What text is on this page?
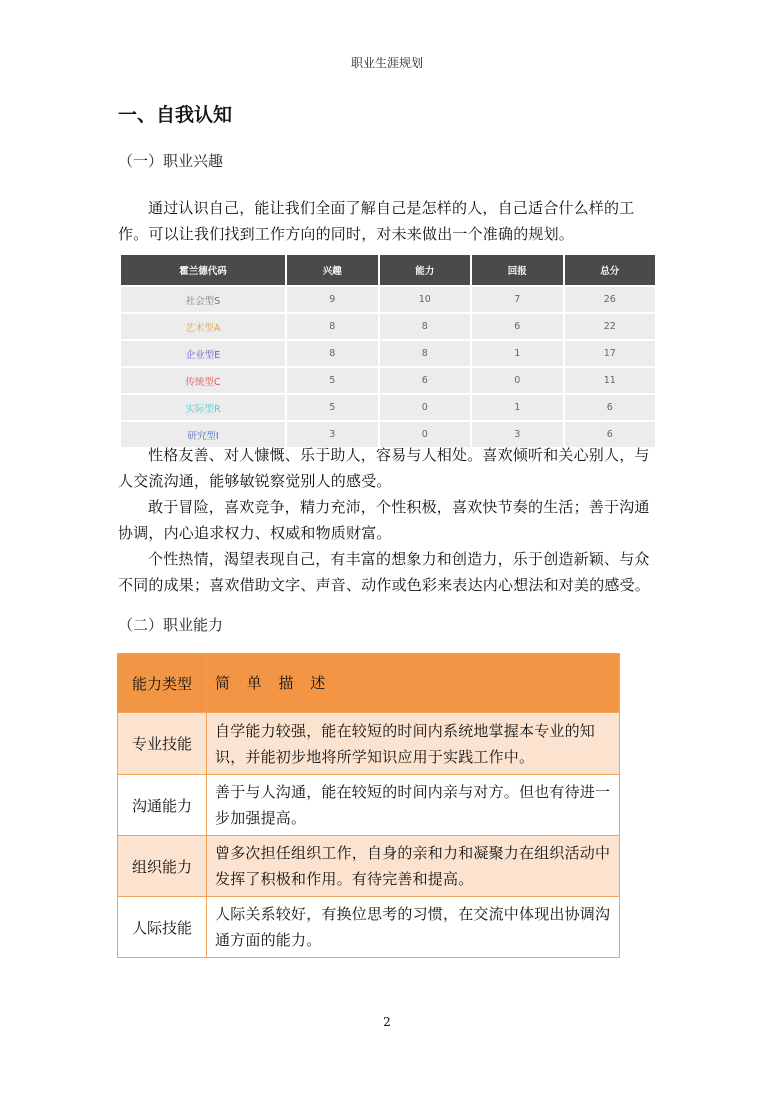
职业生涯规划
一、自我认知
（一）职业兴趣
通过认识自己，能让我们全面了解自己是怎样的人，自己适合什么样的工作。可以让我们找到工作方向的同时，对未来做出一个准确的规划。
霍兰德代码	兴趣	能力	回报	总分
社会型S	9	10	7	26
艺术型A	8	8	6	22
企业型E	8	8	1	17
传统型C	5	6	0	11
实际型R	5	0	1	6
研究型I	3	0	3	6
性格友善、对人慷慨、乐于助人，容易与人相处。喜欢倾听和关心别人，与人交流沟通，能够敏锐察觉别人的感受。
敢于冒险，喜欢竞争，精力充沛，个性积极，喜欢快节奏的生活；善于沟通协调，内心追求权力、权威和物质财富。
个性热情，渴望表现自己，有丰富的想象力和创造力，乐于创造新颖、与众不同的成果；喜欢借助文字、声音、动作或色彩来表达内心想法和对美的感受。
（二）职业能力
能力类型	简 单 描 述
专业技能	自学能力较强，能在较短的时间内系统地掌握本专业的知识，并能初步地将所学知识应用于实践工作中。
沟通能力	善于与人沟通，能在较短的时间内亲与对方。但也有待进一步加强提高。
组织能力	曾多次担任组织工作，自身的亲和力和凝聚力在组织活动中发挥了积极和作用。有待完善和提高。
人际技能	人际关系较好，有换位思考的习惯，在交流中体现出协调沟通方面的能力。
2
